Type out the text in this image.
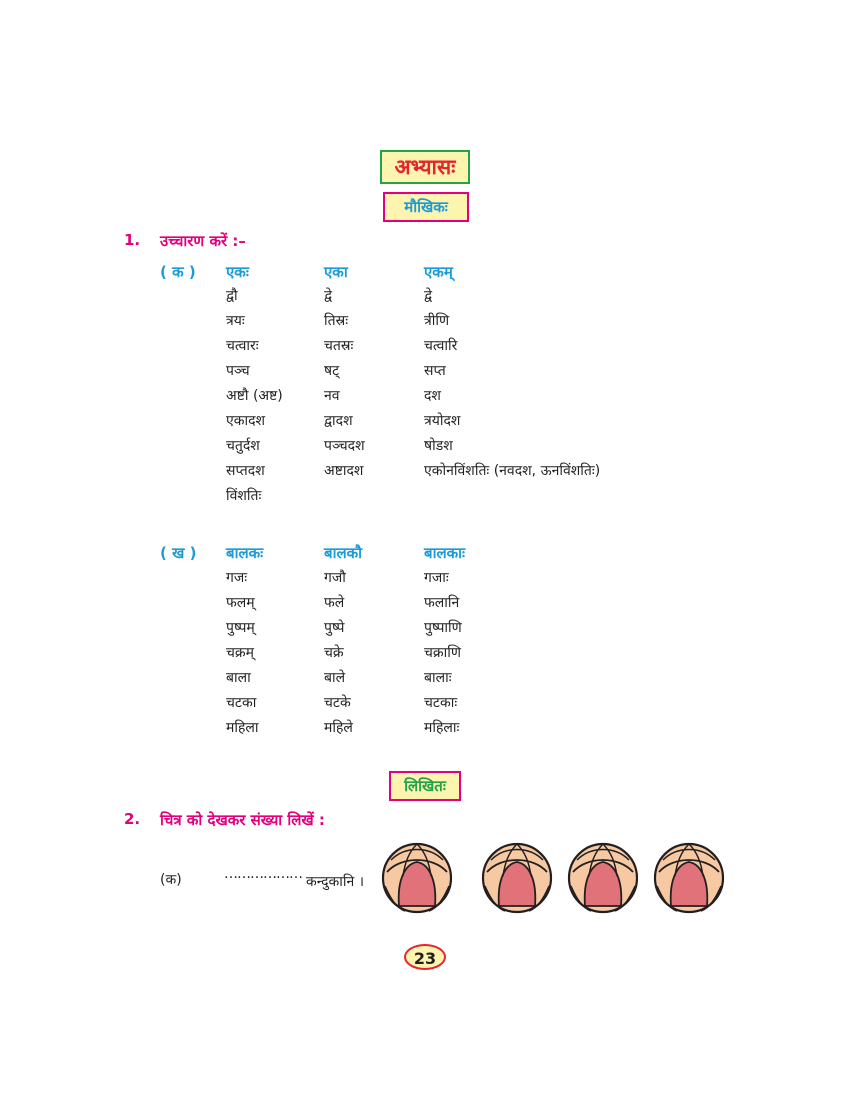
अभ्यासः
मौखिकः
1. उच्चारण करें :–
( क ) एकः	एका	एकम्
द्वौ	द्वे	द्वे
त्रयः	तिस्रः	त्रीणि
चत्वारः	चतस्रः	चत्वारि
पञ्च	षट्	सप्त
अष्टौ (अष्ट)	नव	दश
एकादश	द्वादश	त्रयोदश
चतुर्दश	पञ्चदश	षोडश
सप्तदश	अष्टादश	एकोनविंशतिः (नवदश, ऊनविंशतिः)
विंशतिः
( ख ) बालकः	बालकौ	बालकाः
गजः	गजौ	गजाः
फलम्	फले	फलानि
पुष्पम्	पुष्पे	पुष्पाणि
चक्रम्	चक्रे	चक्राणि
बाला	बाले	बालाः
चटका	चटके	चटकाः
महिला	महिले	महिलाः
लिखितः
2. चित्र को देखकर संख्या लिखें :
(क)	……………… कन्दुकानि ।
23
